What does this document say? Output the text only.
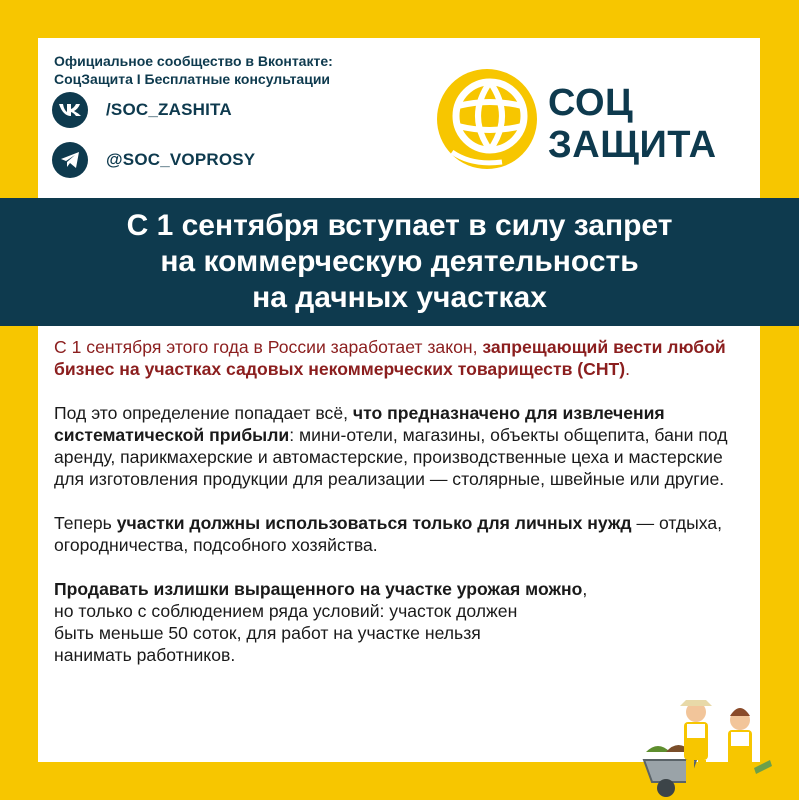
Официальное сообщество в Вконтакте:
СоцЗащита I Бесплатные консультации
/SOC_ZASHITA
@SOC_VOPROSY
СОЦ
ЗАЩИТА
С 1 сентября вступает в силу запрет
на коммерческую деятельность
на дачных участках

С 1 сентября этого года в России заработает закон, запрещающий вести любой бизнес на участках садовых некоммерческих товариществ (СНТ).

Под это определение попадает всё, что предназначено для извлечения систематической прибыли: мини-отели, магазины, объекты общепита, бани под аренду, парикмахерские и автомастерские, производственные цеха и мастерские для изготовления продукции для реализации — столярные, швейные или другие.

Теперь участки должны использоваться только для личных нужд — отдыха, огородничества, подсобного хозяйства.

Продавать излишки выращенного на участке урожая можно,
но только с соблюдением ряда условий: участок должен
быть меньше 50 соток, для работ на участке нельзя
нанимать работников.
